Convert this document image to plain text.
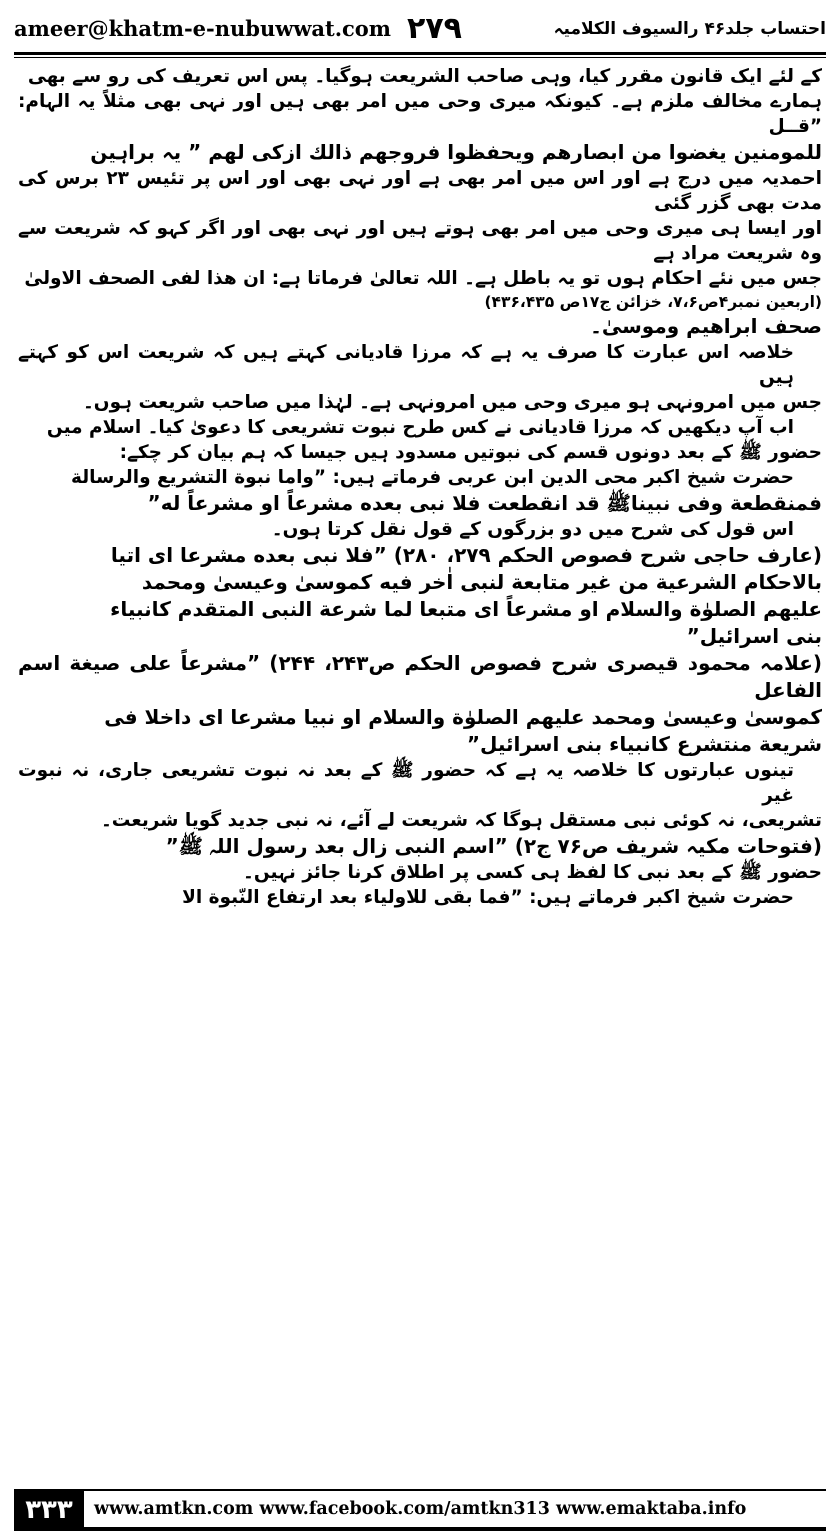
ameer@khatm-e-nubuwwat.com ۲۷۹	احتساب جلد۴۶ رالسیوف الکلامیہ

کے لئے ایک قانون مقرر کیا، وہی صاحب الشریعت ہوگیا۔ پس اس تعریف کی رو سے بھی

ہمارے مخالف ملزم ہے۔ کیونکہ میری وحی میں امر بھی ہیں اور نہی بھی مثلاً یہ الہام: ”قــل

للمومنین یغضوا من ابصارھم ویحفظوا فروجھم ذالك ازكی لھم ” یہ براہین

احمدیہ میں درج ہے اور اس میں امر بھی ہے اور نہی بھی اور اس پر تئیس ۲۳ برس کی مدت بھی گزر گئی

اور ایسا ہی میری وحی میں امر بھی ہوتے ہیں اور نہی بھی اور اگر کہو کہ شریعت سے وہ شریعت مراد ہے

جس میں نئے احکام ہوں تو یہ باطل ہے۔ اللہ تعالیٰ فرماتا ہے: ان ھذا لفی الصحف الاولیٰ

(اربعین نمبر۴ص۷،۶، خزائن ج۱۷ص ۴۳۶،۴۳۵)

صحف ابراھیم وموسیٰ۔

خلاصہ اس عبارت کا صرف یہ ہے کہ مرزا قادیانی کہتے ہیں کہ شریعت اس کو کہتے ہیں

جس میں امرونہی ہو میری وحی میں امرونہی ہے۔ لہٰذا میں صاحب شریعت ہوں۔

اب آپ دیکھیں کہ مرزا قادیانی نے کس طرح نبوت تشریعی کا دعویٰ کیا۔ اسلام میں

حضور ﷺ کے بعد دونوں قسم کی نبوتیں مسدود ہیں جیسا کہ ہم بیان کر چکے:

حضرت شیخ اکبر محی الدین ابن عربی فرماتے ہیں: ”واما نبوة التشریع والرسالة

فمنقطعة وفی نبیناﷺ قد انقطعت فلا نبی بعده مشرعاً او مشرعاً له”

اس قول کی شرح میں دو بزرگوں کے قول نقل کرتا ہوں۔

(عارف حاجی شرح فصوص الحکم ۲۷۹، ۲۸۰) ”فلا نبی بعده مشرعا ای اتیا

بالاحكام الشرعیة من غیر متابعة لنبی اٰخر فیه كموسیٰ وعیسیٰ ومحمد

علیهم الصلوٰة والسلام او مشرعاً ای متبعا لما شرعة النبی المتقدم كانبیاء

بنی اسرائیل”

(علامہ محمود قیصری شرح فصوص الحکم ص۲۴۳، ۲۴۴) ”مشرعاً علی صیغة اسم الفاعل

كموسیٰ وعیسیٰ ومحمد علیهم الصلوٰة والسلام او نبیا مشرعا ای داخلا فی

شریعة منتشرع كانبیاء بنی اسرائیل”

تینوں عبارتوں کا خلاصہ یہ ہے کہ حضور ﷺ کے بعد نہ نبوت تشریعی جاری، نہ نبوت غیر

تشریعی، نہ کوئی نبی مستقل ہوگا کہ شریعت لے آئے، نہ نبی جدید گویا شریعت۔

(فتوحات مکیہ شریف ص۷۶ ج۲) ”اسم النبی زال بعد رسول اللہ ﷺ”

حضور ﷺ کے بعد نبی کا لفظ ہی کسی پر اطلاق کرنا جائز نہیں۔

حضرت شیخ اکبر فرماتے ہیں: ”فما بقی للاولیاء بعد ارتفاع النّبوة الا

۳۳۳	www.amtkn.com www.facebook.com/amtkn313 www.emaktaba.info
